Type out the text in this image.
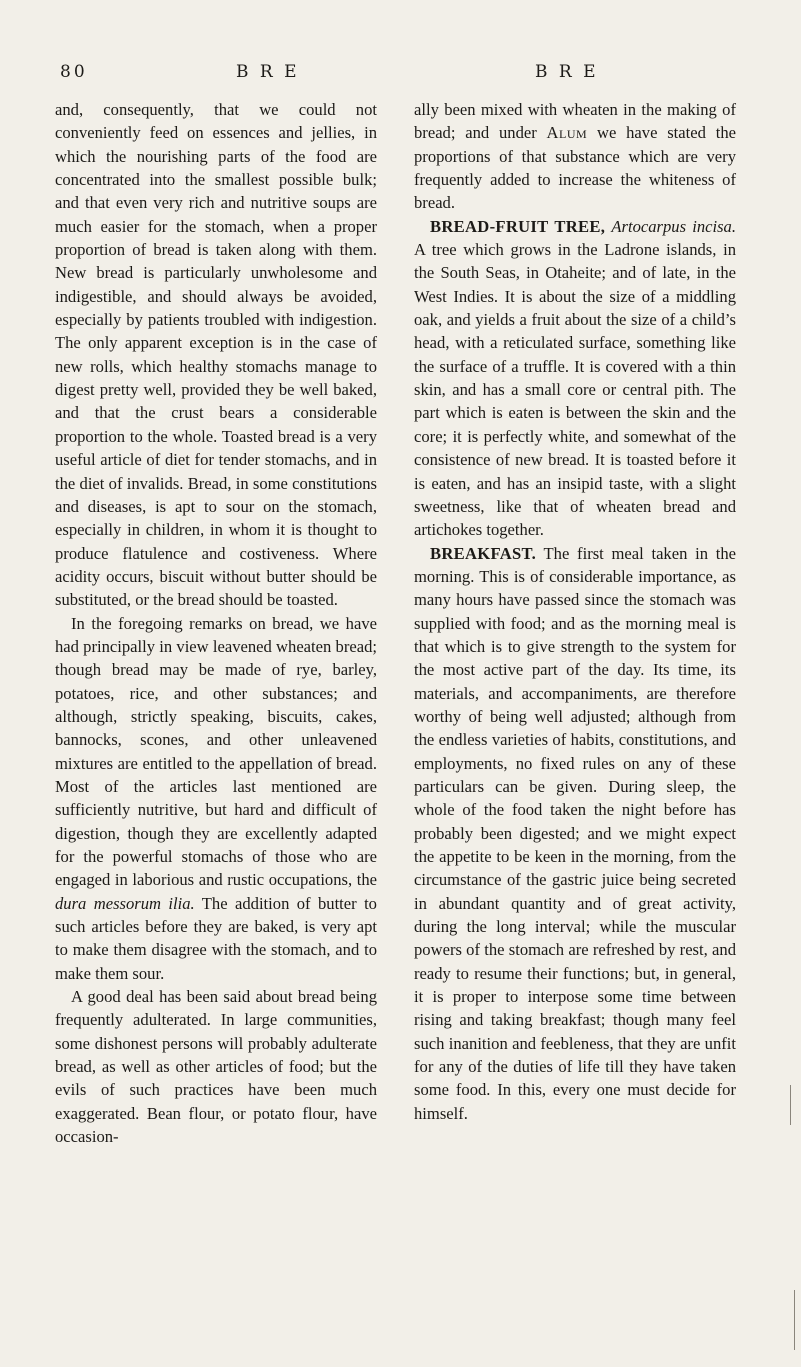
80	B R E	B R E

and, consequently, that we could not conveniently feed on essences and jellies, in which the nourishing parts of the food are concentrated into the smallest possible bulk; and that even very rich and nutritive soups are much easier for the stomach, when a proper proportion of bread is taken along with them. New bread is particularly unwholesome and indigestible, and should always be avoided, especially by patients troubled with indigestion. The only apparent exception is in the case of new rolls, which healthy stomachs manage to digest pretty well, provided they be well baked, and that the crust bears a considerable proportion to the whole. Toasted bread is a very useful article of diet for tender stomachs, and in the diet of invalids. Bread, in some constitutions and diseases, is apt to sour on the stomach, especially in children, in whom it is thought to produce flatulence and costiveness. Where acidity occurs, biscuit without butter should be substituted, or the bread should be toasted.

In the foregoing remarks on bread, we have had principally in view leavened wheaten bread; though bread may be made of rye, barley, potatoes, rice, and other substances; and although, strictly speaking, biscuits, cakes, bannocks, scones, and other unleavened mixtures are entitled to the appellation of bread. Most of the articles last mentioned are sufficiently nutritive, but hard and difficult of digestion, though they are excellently adapted for the powerful stomachs of those who are engaged in laborious and rustic occupations, the dura messorum ilia. The addition of butter to such articles before they are baked, is very apt to make them disagree with the stomach, and to make them sour.

A good deal has been said about bread being frequently adulterated. In large communities, some dishonest persons will probably adulterate bread, as well as other articles of food; but the evils of such practices have been much exaggerated. Bean flour, or potato flour, have occasion-

ally been mixed with wheaten in the making of bread; and under Alum we have stated the proportions of that substance which are very frequently added to increase the whiteness of bread.

BREAD-FRUIT TREE, Artocarpus incisa. A tree which grows in the Ladrone islands, in the South Seas, in Otaheite; and of late, in the West Indies. It is about the size of a middling oak, and yields a fruit about the size of a child’s head, with a reticulated surface, something like the surface of a truffle. It is covered with a thin skin, and has a small core or central pith. The part which is eaten is between the skin and the core; it is perfectly white, and somewhat of the consistence of new bread. It is toasted before it is eaten, and has an insipid taste, with a slight sweetness, like that of wheaten bread and artichokes together.

BREAKFAST. The first meal taken in the morning. This is of considerable importance, as many hours have passed since the stomach was supplied with food; and as the morning meal is that which is to give strength to the system for the most active part of the day. Its time, its materials, and accompaniments, are therefore worthy of being well adjusted; although from the endless varieties of habits, constitutions, and employments, no fixed rules on any of these particulars can be given. During sleep, the whole of the food taken the night before has probably been digested; and we might expect the appetite to be keen in the morning, from the circumstance of the gastric juice being secreted in abundant quantity and of great activity, during the long interval; while the muscular powers of the stomach are refreshed by rest, and ready to resume their functions; but, in general, it is proper to interpose some time between rising and taking breakfast; though many feel such inanition and feebleness, that they are unfit for any of the duties of life till they have taken some food. In this, every one must decide for himself.
